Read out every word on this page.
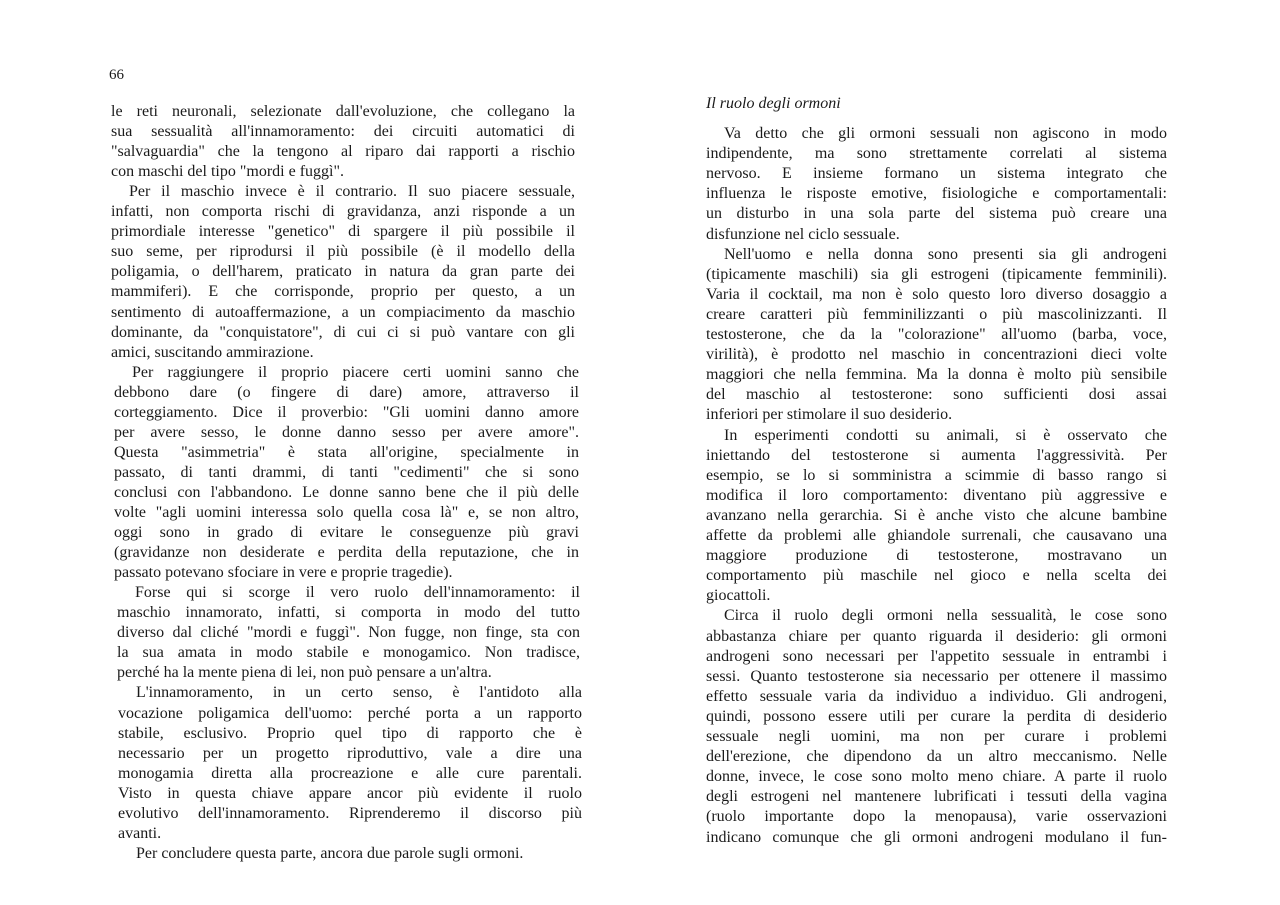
66
Il ruolo degli ormoni
le reti neuronali, selezionate dall'evoluzione, che collegano la
sua sessualità all'innamoramento: dei circuiti automatici di
"salvaguardia" che la tengono al riparo dai rapporti a rischio
con maschi del tipo "mordi e fuggì".
Per il maschio invece è il contrario. Il suo piacere sessuale,
infatti, non comporta rischi di gravidanza, anzi risponde a un
primordiale interesse "genetico" di spargere il più possibile il
suo seme, per riprodursi il più possibile (è il modello della
poligamia, o dell'harem, praticato in natura da gran parte dei
mammiferi). E che corrisponde, proprio per questo, a un
sentimento di autoaffermazione, a un compiacimento da maschio
dominante, da "conquistatore", di cui ci si può vantare con gli
amici, suscitando ammirazione.
Per raggiungere il proprio piacere certi uomini sanno che
debbono dare (o fingere di dare) amore, attraverso il
corteggiamento. Dice il proverbio: "Gli uomini danno amore
per avere sesso, le donne danno sesso per avere amore".
Questa "asimmetria" è stata all'origine, specialmente in
passato, di tanti drammi, di tanti "cedimenti" che si sono
conclusi con l'abbandono. Le donne sanno bene che il più delle
volte "agli uomini interessa solo quella cosa là" e, se non altro,
oggi sono in grado di evitare le conseguenze più gravi
(gravidanze non desiderate e perdita della reputazione, che in
passato potevano sfociare in vere e proprie tragedie).
Forse qui si scorge il vero ruolo dell'innamoramento: il
maschio innamorato, infatti, si comporta in modo del tutto
diverso dal cliché "mordi e fuggì". Non fugge, non finge, sta con
la sua amata in modo stabile e monogamico. Non tradisce,
perché ha la mente piena di lei, non può pensare a un'altra.
L'innamoramento, in un certo senso, è l'antidoto alla
vocazione poligamica dell'uomo: perché porta a un rapporto
stabile, esclusivo. Proprio quel tipo di rapporto che è
necessario per un progetto riproduttivo, vale a dire una
monogamia diretta alla procreazione e alle cure parentali.
Visto in questa chiave appare ancor più evidente il ruolo
evolutivo dell'innamoramento. Riprenderemo il discorso più
avanti.
Per concludere questa parte, ancora due parole sugli ormoni.
Va detto che gli ormoni sessuali non agiscono in modo
indipendente, ma sono strettamente correlati al sistema
nervoso. E insieme formano un sistema integrato che
influenza le risposte emotive, fisiologiche e comportamentali:
un disturbo in una sola parte del sistema può creare una
disfunzione nel ciclo sessuale.
Nell'uomo e nella donna sono presenti sia gli androgeni
(tipicamente maschili) sia gli estrogeni (tipicamente femminili).
Varia il cocktail, ma non è solo questo loro diverso dosaggio a
creare caratteri più femminilizzanti o più mascolinizzanti. Il
testosterone, che da la "colorazione" all'uomo (barba, voce,
virilità), è prodotto nel maschio in concentrazioni dieci volte
maggiori che nella femmina. Ma la donna è molto più sensibile
del maschio al testosterone: sono sufficienti dosi assai
inferiori per stimolare il suo desiderio.
In esperimenti condotti su animali, si è osservato che
iniettando del testosterone si aumenta l'aggressività. Per
esempio, se lo si somministra a scimmie di basso rango si
modifica il loro comportamento: diventano più aggressive e
avanzano nella gerarchia. Si è anche visto che alcune bambine
affette da problemi alle ghiandole surrenali, che causavano una
maggiore produzione di testosterone, mostravano un
comportamento più maschile nel gioco e nella scelta dei
giocattoli.
Circa il ruolo degli ormoni nella sessualità, le cose sono
abbastanza chiare per quanto riguarda il desiderio: gli ormoni
androgeni sono necessari per l'appetito sessuale in entrambi i
sessi. Quanto testosterone sia necessario per ottenere il massimo
effetto sessuale varia da individuo a individuo. Gli androgeni,
quindi, possono essere utili per curare la perdita di desiderio
sessuale negli uomini, ma non per curare i problemi
dell'erezione, che dipendono da un altro meccanismo. Nelle
donne, invece, le cose sono molto meno chiare. A parte il ruolo
degli estrogeni nel mantenere lubrificati i tessuti della vagina
(ruolo importante dopo la menopausa), varie osservazioni
indicano comunque che gli ormoni androgeni modulano il fun-
